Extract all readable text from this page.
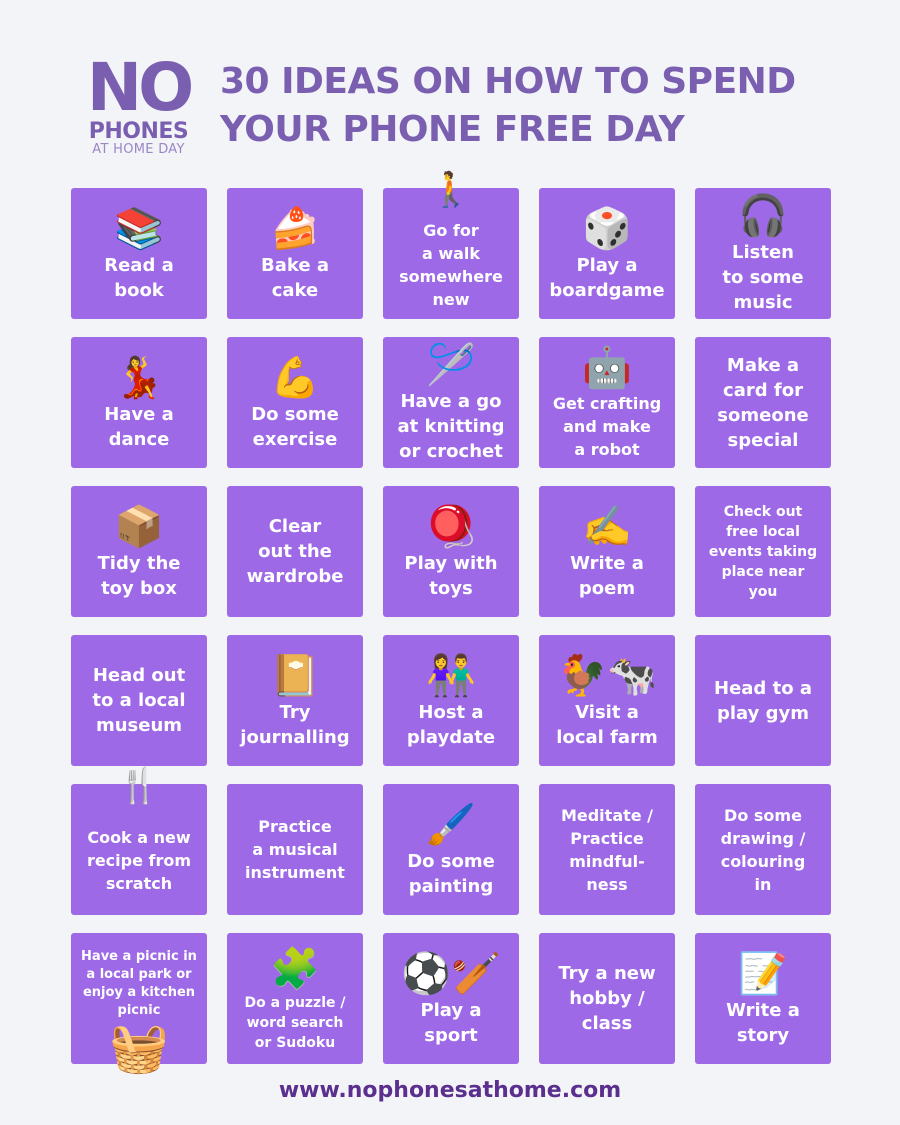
NO
PHONES
AT HOME DAY
30 IDEAS ON HOW TO SPEND YOUR PHONE FREE DAY
📚
Read a
book
🍰
Bake a
cake
🚶
Go for
a walk
somewhere
new
🎲
Play a
boardgame
🎧
Listen
to some
music
💃
Have a
dance
💪
Do some
exercise
🪡
Have a go
at knitting
or crochet
🤖
Get crafting
and make
a robot
Make a
card for
someone
special
📦
Tidy the
toy box
Clear
out the
wardrobe
🪀
Play with
toys
✍️
Write a
poem
Check out
free local
events taking
place near
you
Head out
to a local
museum
📔
Try
journalling
👫
Host a
playdate
🐓🐄
Visit a
local farm
Head to a
play gym
🍴
Cook a new
recipe from
scratch
Practice
a musical
instrument
🖌️
Do some
painting
Meditate /
Practice
mindful-
ness
Do some
drawing /
colouring
in
Have a picnic in
a local park or
enjoy a kitchen
picnic
🧺
🧩
Do a puzzle /
word search
or Sudoku
⚽🏏
Play a
sport
Try a new
hobby /
class
📝
Write a
story
www.nophonesathome.com
